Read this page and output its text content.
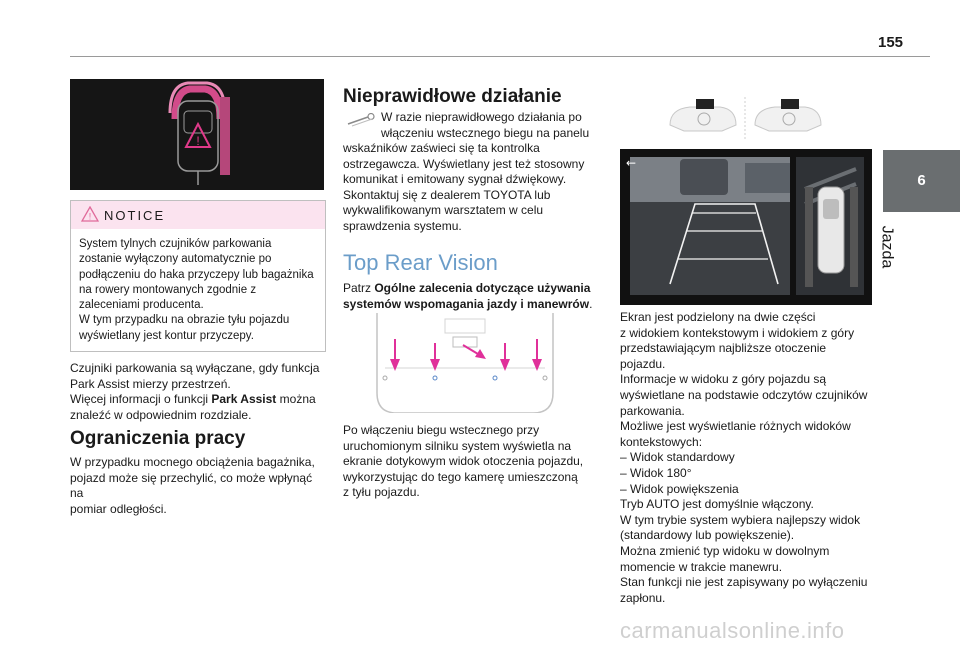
155
6
Jazda
!
! NOTICE
System tylnych czujników parkowania
zostanie wyłączony automatycznie po
podłączeniu do haka przyczepy lub bagażnika
na rowery montowanych zgodnie z
zaleceniami producenta.
W tym przypadku na obrazie tyłu pojazdu
wyświetlany jest kontur przyczepy.
Czujniki parkowania są wyłączane, gdy funkcja
Park Assist mierzy przestrzeń.
Więcej informacji o funkcji Park Assist można
znaleźć w odpowiednim rozdziale.
Ograniczenia pracy
W przypadku mocnego obciążenia bagażnika,
pojazd może się przechylić, co może wpłynąć na
pomiar odległości.
Nieprawidłowe działanie
W razie nieprawidłowego działania po
włączeniu wstecznego biegu na panelu
wskaźników zaświeci się ta kontrolka
ostrzegawcza. Wyświetlany jest też stosowny
komunikat i emitowany sygnał dźwiękowy.
Skontaktuj się z dealerem TOYOTA lub
wykwalifikowanym warsztatem w celu
sprawdzenia systemu.
Top Rear Vision
Patrz Ogólne zalecenia dotyczące używania
systemów wspomagania jazdy i manewrów.
Po włączeniu biegu wstecznego przy
uruchomionym silniku system wyświetla na
ekranie dotykowym widok otoczenia pojazdu,
wykorzystując do tego kamerę umieszczoną
z tyłu pojazdu.
←
Ekran jest podzielony na dwie części
z widokiem kontekstowym i widokiem z góry
przedstawiającym najbliższe otoczenie pojazdu.
Informacje w widoku z góry pojazdu są
wyświetlane na podstawie odczytów czujników
parkowania.
Możliwe jest wyświetlanie różnych widoków
kontekstowych:
– Widok standardowy
– Widok 180°
– Widok powiększenia
Tryb AUTO jest domyślnie włączony.
W tym trybie system wybiera najlepszy widok
(standardowy lub powiększenie).
Można zmienić typ widoku w dowolnym
momencie w trakcie manewru.
Stan funkcji nie jest zapisywany po wyłączeniu
zapłonu.
carmanualsonline.info
